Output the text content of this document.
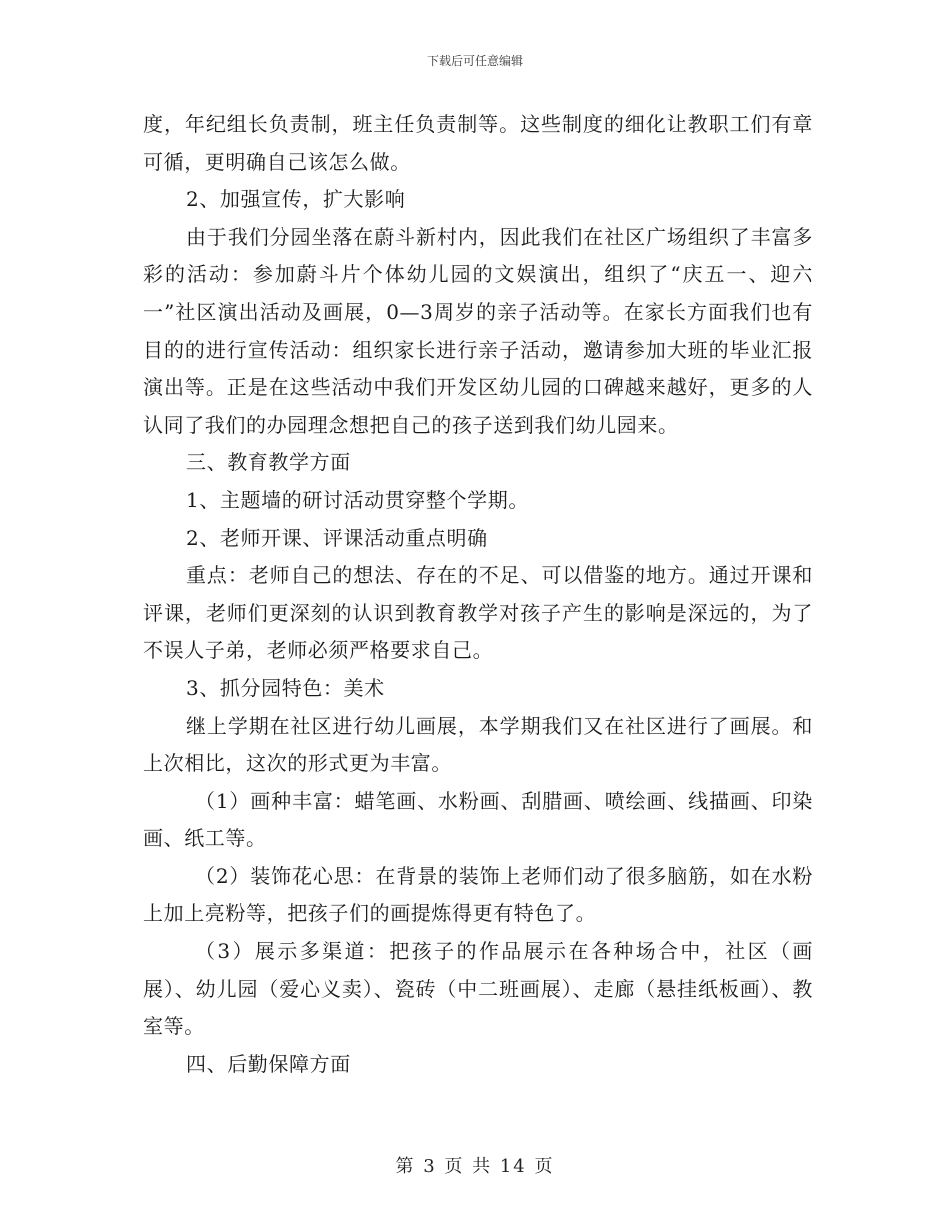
下载后可任意编辑

度，年纪组长负责制，班主任负责制等。这些制度的细化让教职工们有章可循，更明确自己该怎么做。

2、加强宣传，扩大影响

由于我们分园坐落在蔚斗新村内，因此我们在社区广场组织了丰富多彩的活动：参加蔚斗片个体幼儿园的文娱演出，组织了“庆五一、迎六一”社区演出活动及画展，0—3周岁的亲子活动等。在家长方面我们也有目的的进行宣传活动：组织家长进行亲子活动，邀请参加大班的毕业汇报演出等。正是在这些活动中我们开发区幼儿园的口碑越来越好，更多的人认同了我们的办园理念想把自己的孩子送到我们幼儿园来。

三、教育教学方面

1、主题墙的研讨活动贯穿整个学期。

2、老师开课、评课活动重点明确

重点：老师自己的想法、存在的不足、可以借鉴的地方。通过开课和评课，老师们更深刻的认识到教育教学对孩子产生的影响是深远的，为了不误人子弟，老师必须严格要求自己。

3、抓分园特色：美术

继上学期在社区进行幼儿画展，本学期我们又在社区进行了画展。和上次相比，这次的形式更为丰富。

（1）画种丰富：蜡笔画、水粉画、刮腊画、喷绘画、线描画、印染画、纸工等。

（2）装饰花心思：在背景的装饰上老师们动了很多脑筋，如在水粉上加上亮粉等，把孩子们的画提炼得更有特色了。

（3）展示多渠道：把孩子的作品展示在各种场合中，社区（画展）、幼儿园（爱心义卖）、瓷砖（中二班画展）、走廊（悬挂纸板画）、教室等。

四、后勤保障方面

第 3 页 共 14 页
